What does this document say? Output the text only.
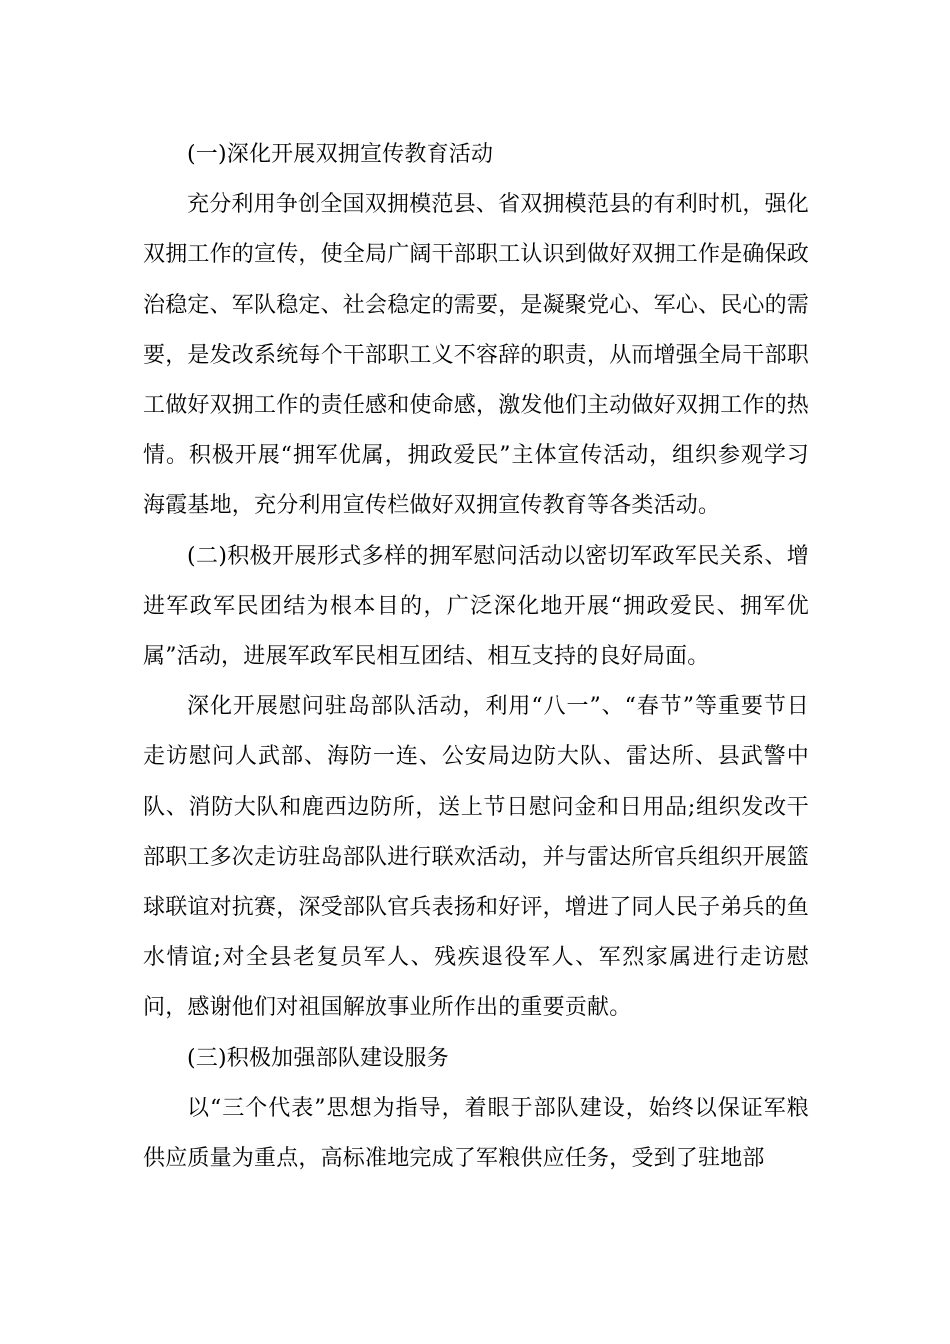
(一)深化开展双拥宣传教育活动

充分利用争创全国双拥模范县、省双拥模范县的有利时机，强化双拥工作的宣传，使全局广阔干部职工认识到做好双拥工作是确保政治稳定、军队稳定、社会稳定的需要，是凝聚党心、军心、民心的需要，是发改系统每个干部职工义不容辞的职责，从而增强全局干部职工做好双拥工作的责任感和使命感，激发他们主动做好双拥工作的热情。积极开展“拥军优属，拥政爱民”主体宣传活动，组织参观学习海霞基地，充分利用宣传栏做好双拥宣传教育等各类活动。

(二)积极开展形式多样的拥军慰问活动以密切军政军民关系、增进军政军民团结为根本目的，广泛深化地开展“拥政爱民、拥军优属”活动，进展军政军民相互团结、相互支持的良好局面。

深化开展慰问驻岛部队活动，利用“八一”、“春节”等重要节日走访慰问人武部、海防一连、公安局边防大队、雷达所、县武警中队、消防大队和鹿西边防所，送上节日慰问金和日用品;组织发改干部职工多次走访驻岛部队进行联欢活动，并与雷达所官兵组织开展篮球联谊对抗赛，深受部队官兵表扬和好评，增进了同人民子弟兵的鱼水情谊;对全县老复员军人、残疾退役军人、军烈家属进行走访慰问，感谢他们对祖国解放事业所作出的重要贡献。

(三)积极加强部队建设服务

以“三个代表”思想为指导，着眼于部队建设，始终以保证军粮供应质量为重点，高标准地完成了军粮供应任务，受到了驻地部
